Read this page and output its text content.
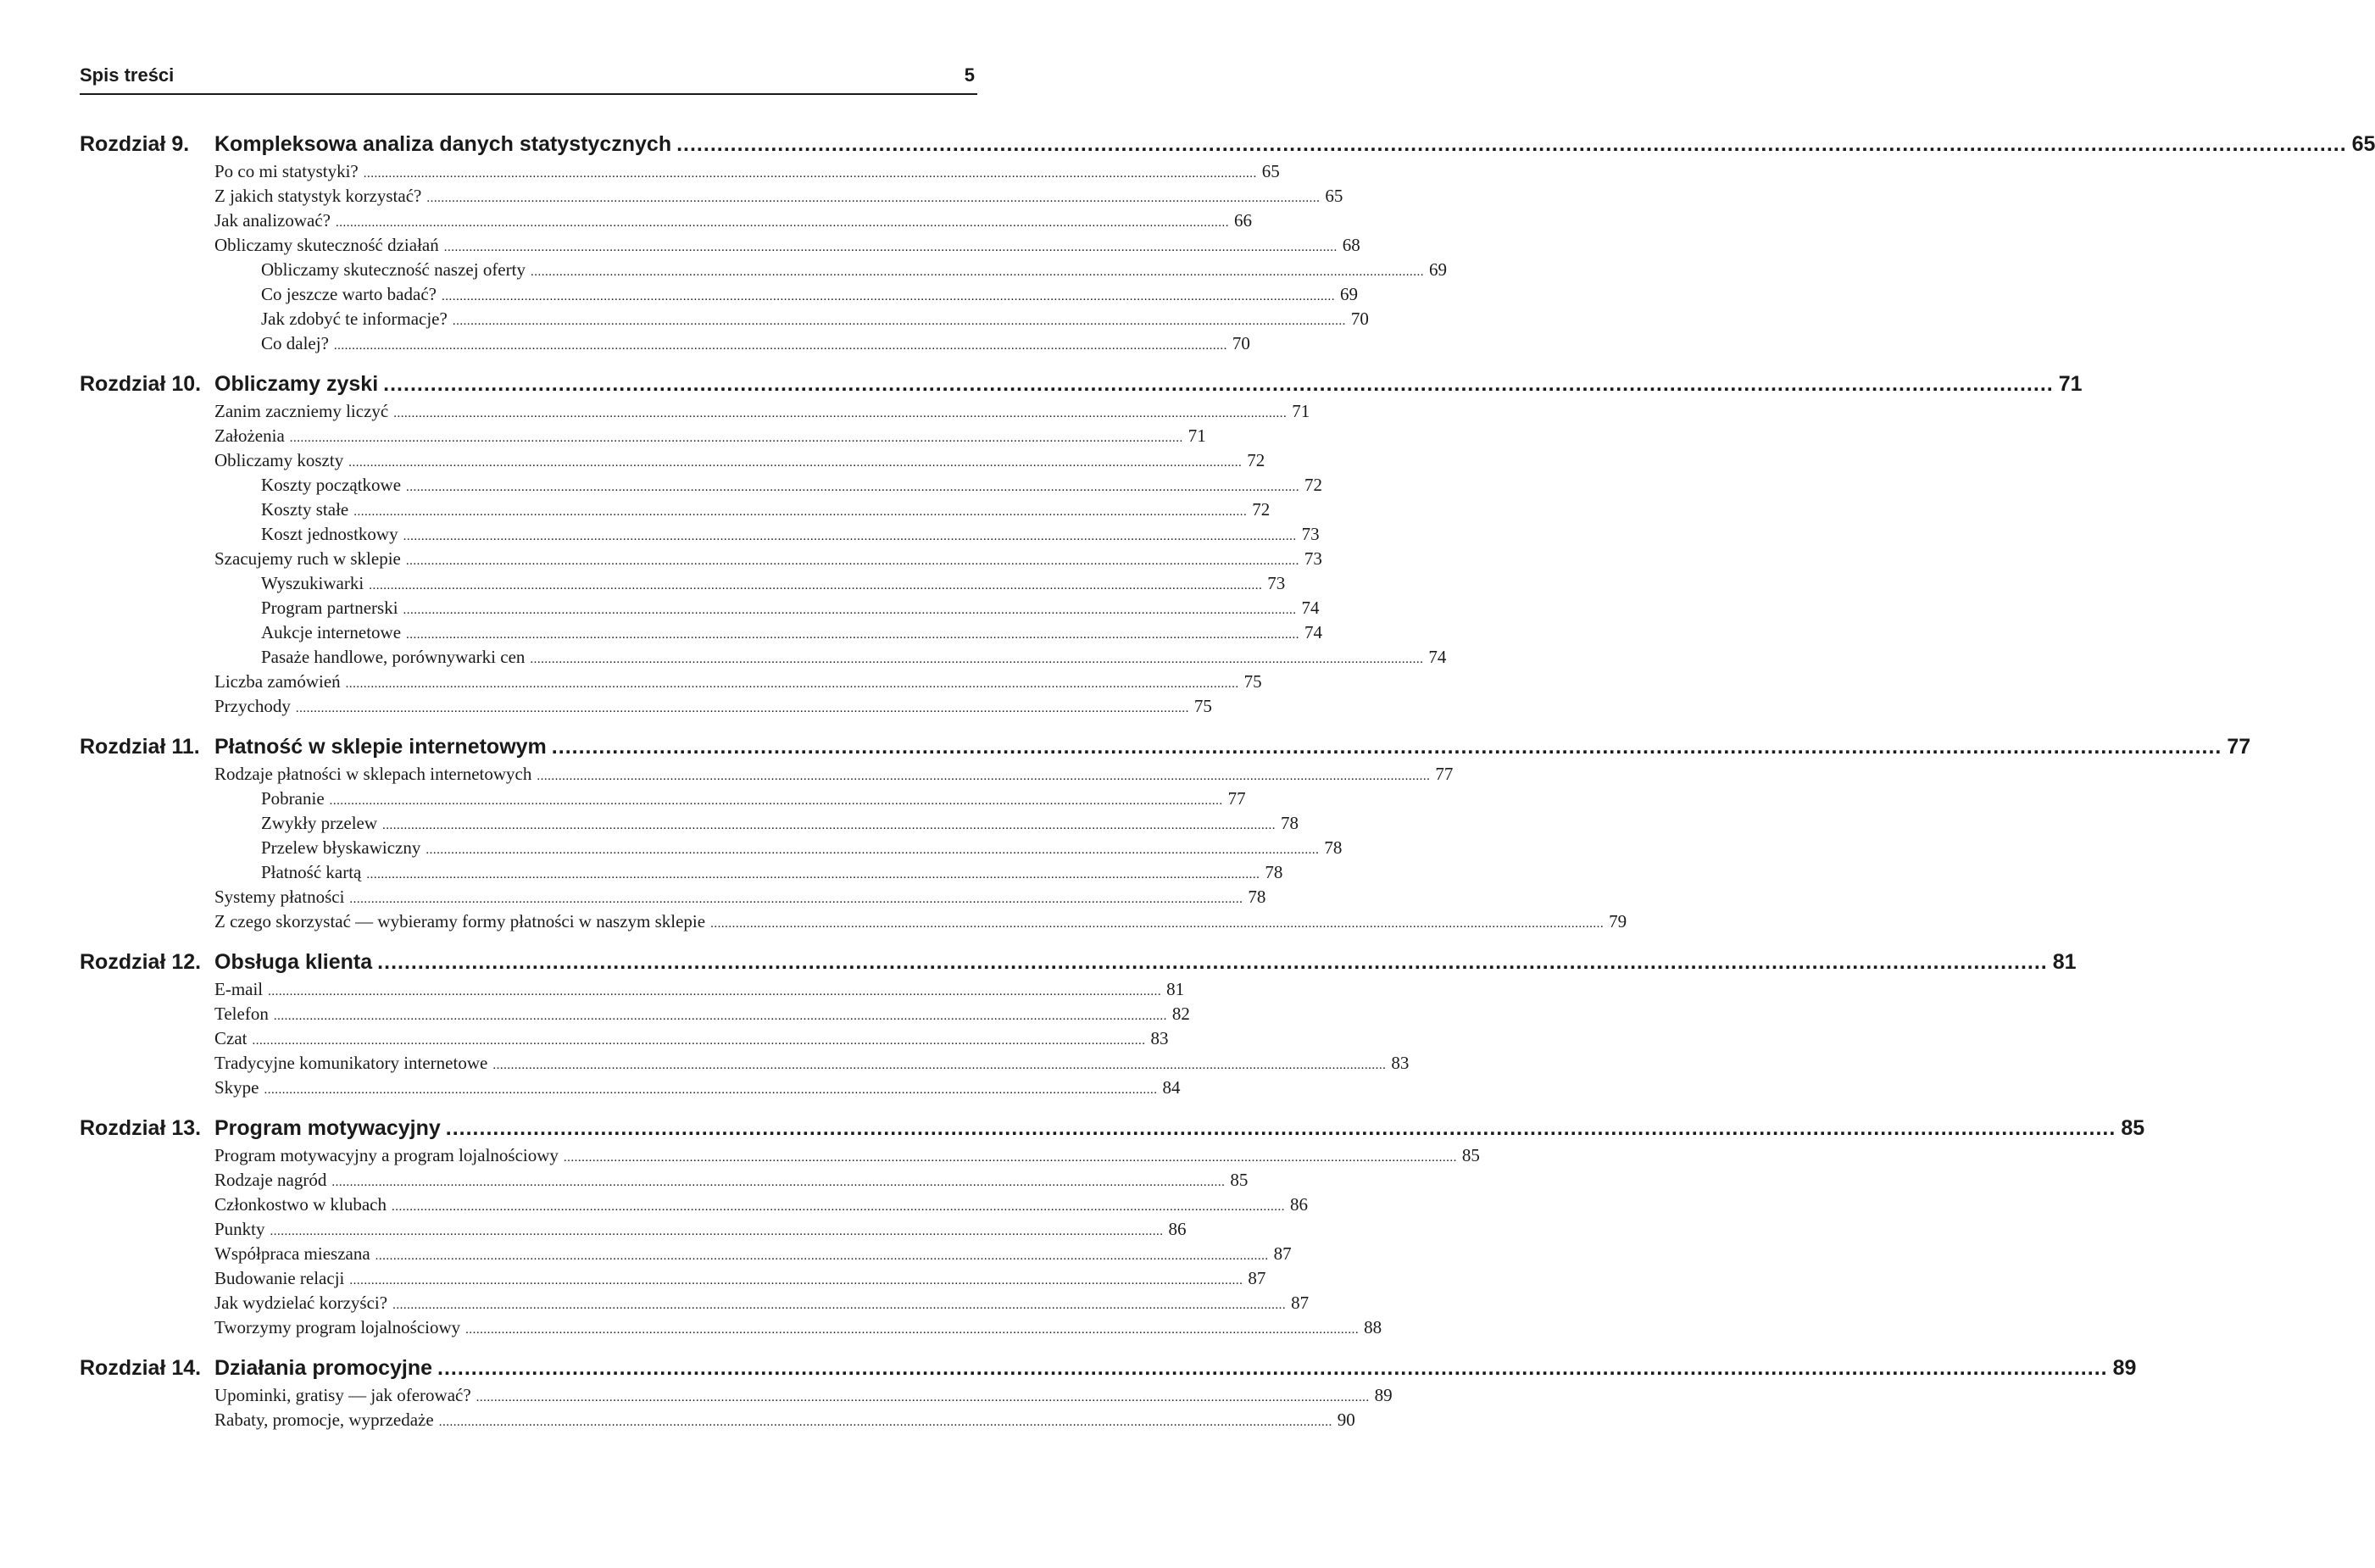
Spis treści	5
Rozdział 9.	Kompleksowa analiza danych statystycznych ........................................................................................................................................................................................................................................................ 65
Po co mi statystyki? ........................................................................................................................................................................................................................................................ 65
Z jakich statystyk korzystać? ........................................................................................................................................................................................................................................................ 65
Jak analizować? ........................................................................................................................................................................................................................................................ 66
Obliczamy skuteczność działań ........................................................................................................................................................................................................................................................ 68
Obliczamy skuteczność naszej oferty ........................................................................................................................................................................................................................................................ 69
Co jeszcze warto badać? ........................................................................................................................................................................................................................................................ 69
Jak zdobyć te informacje? ........................................................................................................................................................................................................................................................ 70
Co dalej? ........................................................................................................................................................................................................................................................ 70
Rozdział 10. Obliczamy zyski ........................................................................................................................................................................................................................................................ 71
Zanim zaczniemy liczyć ........................................................................................................................................................................................................................................................ 71
Założenia ........................................................................................................................................................................................................................................................ 71
Obliczamy koszty ........................................................................................................................................................................................................................................................ 72
Koszty początkowe ........................................................................................................................................................................................................................................................ 72
Koszty stałe ........................................................................................................................................................................................................................................................ 72
Koszt jednostkowy ........................................................................................................................................................................................................................................................ 73
Szacujemy ruch w sklepie ........................................................................................................................................................................................................................................................ 73
Wyszukiwarki ........................................................................................................................................................................................................................................................ 73
Program partnerski ........................................................................................................................................................................................................................................................ 74
Aukcje internetowe ........................................................................................................................................................................................................................................................ 74
Pasaże handlowe, porównywarki cen ........................................................................................................................................................................................................................................................ 74
Liczba zamówień ........................................................................................................................................................................................................................................................ 75
Przychody ........................................................................................................................................................................................................................................................ 75
Rozdział 11. Płatność w sklepie internetowym ........................................................................................................................................................................................................................................................ 77
Rodzaje płatności w sklepach internetowych ........................................................................................................................................................................................................................................................ 77
Pobranie ........................................................................................................................................................................................................................................................ 77
Zwykły przelew ........................................................................................................................................................................................................................................................ 78
Przelew błyskawiczny ........................................................................................................................................................................................................................................................ 78
Płatność kartą ........................................................................................................................................................................................................................................................ 78
Systemy płatności ........................................................................................................................................................................................................................................................ 78
Z czego skorzystać — wybieramy formy płatności w naszym sklepie ........................................................................................................................................................................................................................................................ 79
Rozdział 12. Obsługa klienta ........................................................................................................................................................................................................................................................ 81
E-mail ........................................................................................................................................................................................................................................................ 81
Telefon ........................................................................................................................................................................................................................................................ 82
Czat ........................................................................................................................................................................................................................................................ 83
Tradycyjne komunikatory internetowe ........................................................................................................................................................................................................................................................ 83
Skype ........................................................................................................................................................................................................................................................ 84
Rozdział 13. Program motywacyjny ........................................................................................................................................................................................................................................................ 85
Program motywacyjny a program lojalnościowy ........................................................................................................................................................................................................................................................ 85
Rodzaje nagród ........................................................................................................................................................................................................................................................ 85
Członkostwo w klubach ........................................................................................................................................................................................................................................................ 86
Punkty ........................................................................................................................................................................................................................................................ 86
Współpraca mieszana ........................................................................................................................................................................................................................................................ 87
Budowanie relacji ........................................................................................................................................................................................................................................................ 87
Jak wydzielać korzyści? ........................................................................................................................................................................................................................................................ 87
Tworzymy program lojalnościowy ........................................................................................................................................................................................................................................................ 88
Rozdział 14. Działania promocyjne ........................................................................................................................................................................................................................................................ 89
Upominki, gratisy — jak oferować? ........................................................................................................................................................................................................................................................ 89
Rabaty, promocje, wyprzedaże ........................................................................................................................................................................................................................................................ 90
